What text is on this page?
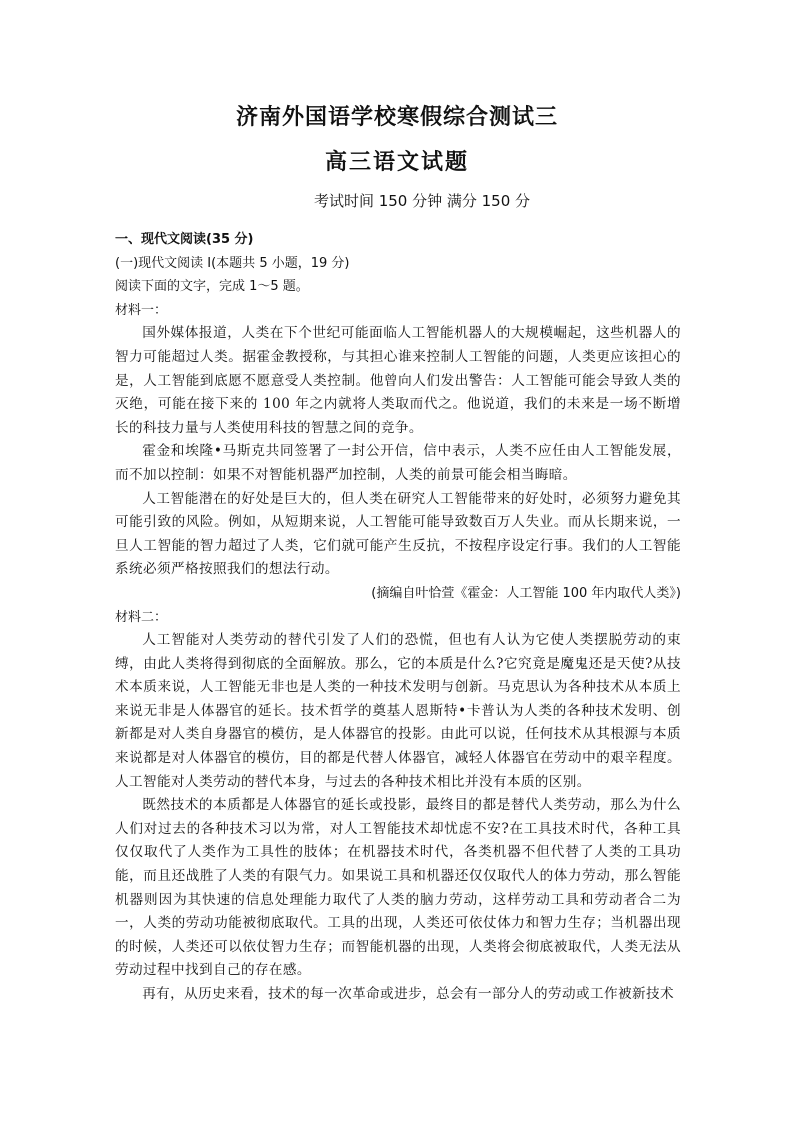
济南外国语学校寒假综合测试三
高三语文试题
考试时间 150 分钟 满分 150 分

一、现代文阅读(35 分)

(一)现代文阅读 I(本题共 5 小题，19 分)

阅读下面的文字，完成 1～5 题。

材料一：

国外媒体报道，人类在下个世纪可能面临人工智能机器人的大规模崛起，这些机器人的智力可能超过人类。据霍金教授称，与其担心谁来控制人工智能的问题，人类更应该担心的是，人工智能到底愿不愿意受人类控制。他曾向人们发出警告：人工智能可能会导致人类的灭绝，可能在接下来的 100 年之内就将人类取而代之。他说道，我们的未来是一场不断增长的科技力量与人类使用科技的智慧之间的竞争。

霍金和埃隆•马斯克共同签署了一封公开信，信中表示，人类不应任由人工智能发展，而不加以控制：如果不对智能机器严加控制，人类的前景可能会相当晦暗。

人工智能潜在的好处是巨大的，但人类在研究人工智能带来的好处时，必须努力避免其可能引致的风险。例如，从短期来说，人工智能可能导致数百万人失业。而从长期来说，一旦人工智能的智力超过了人类，它们就可能产生反抗，不按程序设定行事。我们的人工智能系统必须严格按照我们的想法行动。

(摘编自叶恰萱《霍金：人工智能 100 年内取代人类》)

材料二：

人工智能对人类劳动的替代引发了人们的恐慌，但也有人认为它使人类摆脱劳动的束缚，由此人类将得到彻底的全面解放。那么，它的本质是什么?它究竟是魔鬼还是天使?从技术本质来说，人工智能无非也是人类的一种技术发明与创新。马克思认为各种技术从本质上来说无非是人体器官的延长。技术哲学的奠基人恩斯特•卡普认为人类的各种技术发明、创新都是对人类自身器官的模仿，是人体器官的投影。由此可以说，任何技术从其根源与本质来说都是对人体器官的模仿，目的都是代替人体器官，减轻人体器官在劳动中的艰辛程度。人工智能对人类劳动的替代本身，与过去的各种技术相比并没有本质的区别。

既然技术的本质都是人体器官的延长或投影，最终目的都是替代人类劳动，那么为什么人们对过去的各种技术习以为常，对人工智能技术却忧虑不安?在工具技术时代，各种工具仅仅取代了人类作为工具性的肢体；在机器技术时代，各类机器不但代替了人类的工具功能，而且还战胜了人类的有限气力。如果说工具和机器还仅仅取代人的体力劳动，那么智能机器则因为其快速的信息处理能力取代了人类的脑力劳动，这样劳动工具和劳动者合二为一，人类的劳动功能被彻底取代。工具的出现，人类还可依仗体力和智力生存；当机器出现的时候，人类还可以依仗智力生存；而智能机器的出现，人类将会彻底被取代，人类无法从劳动过程中找到自己的存在感。

再有，从历史来看，技术的每一次革命或进步，总会有一部分人的劳动或工作被新技术
